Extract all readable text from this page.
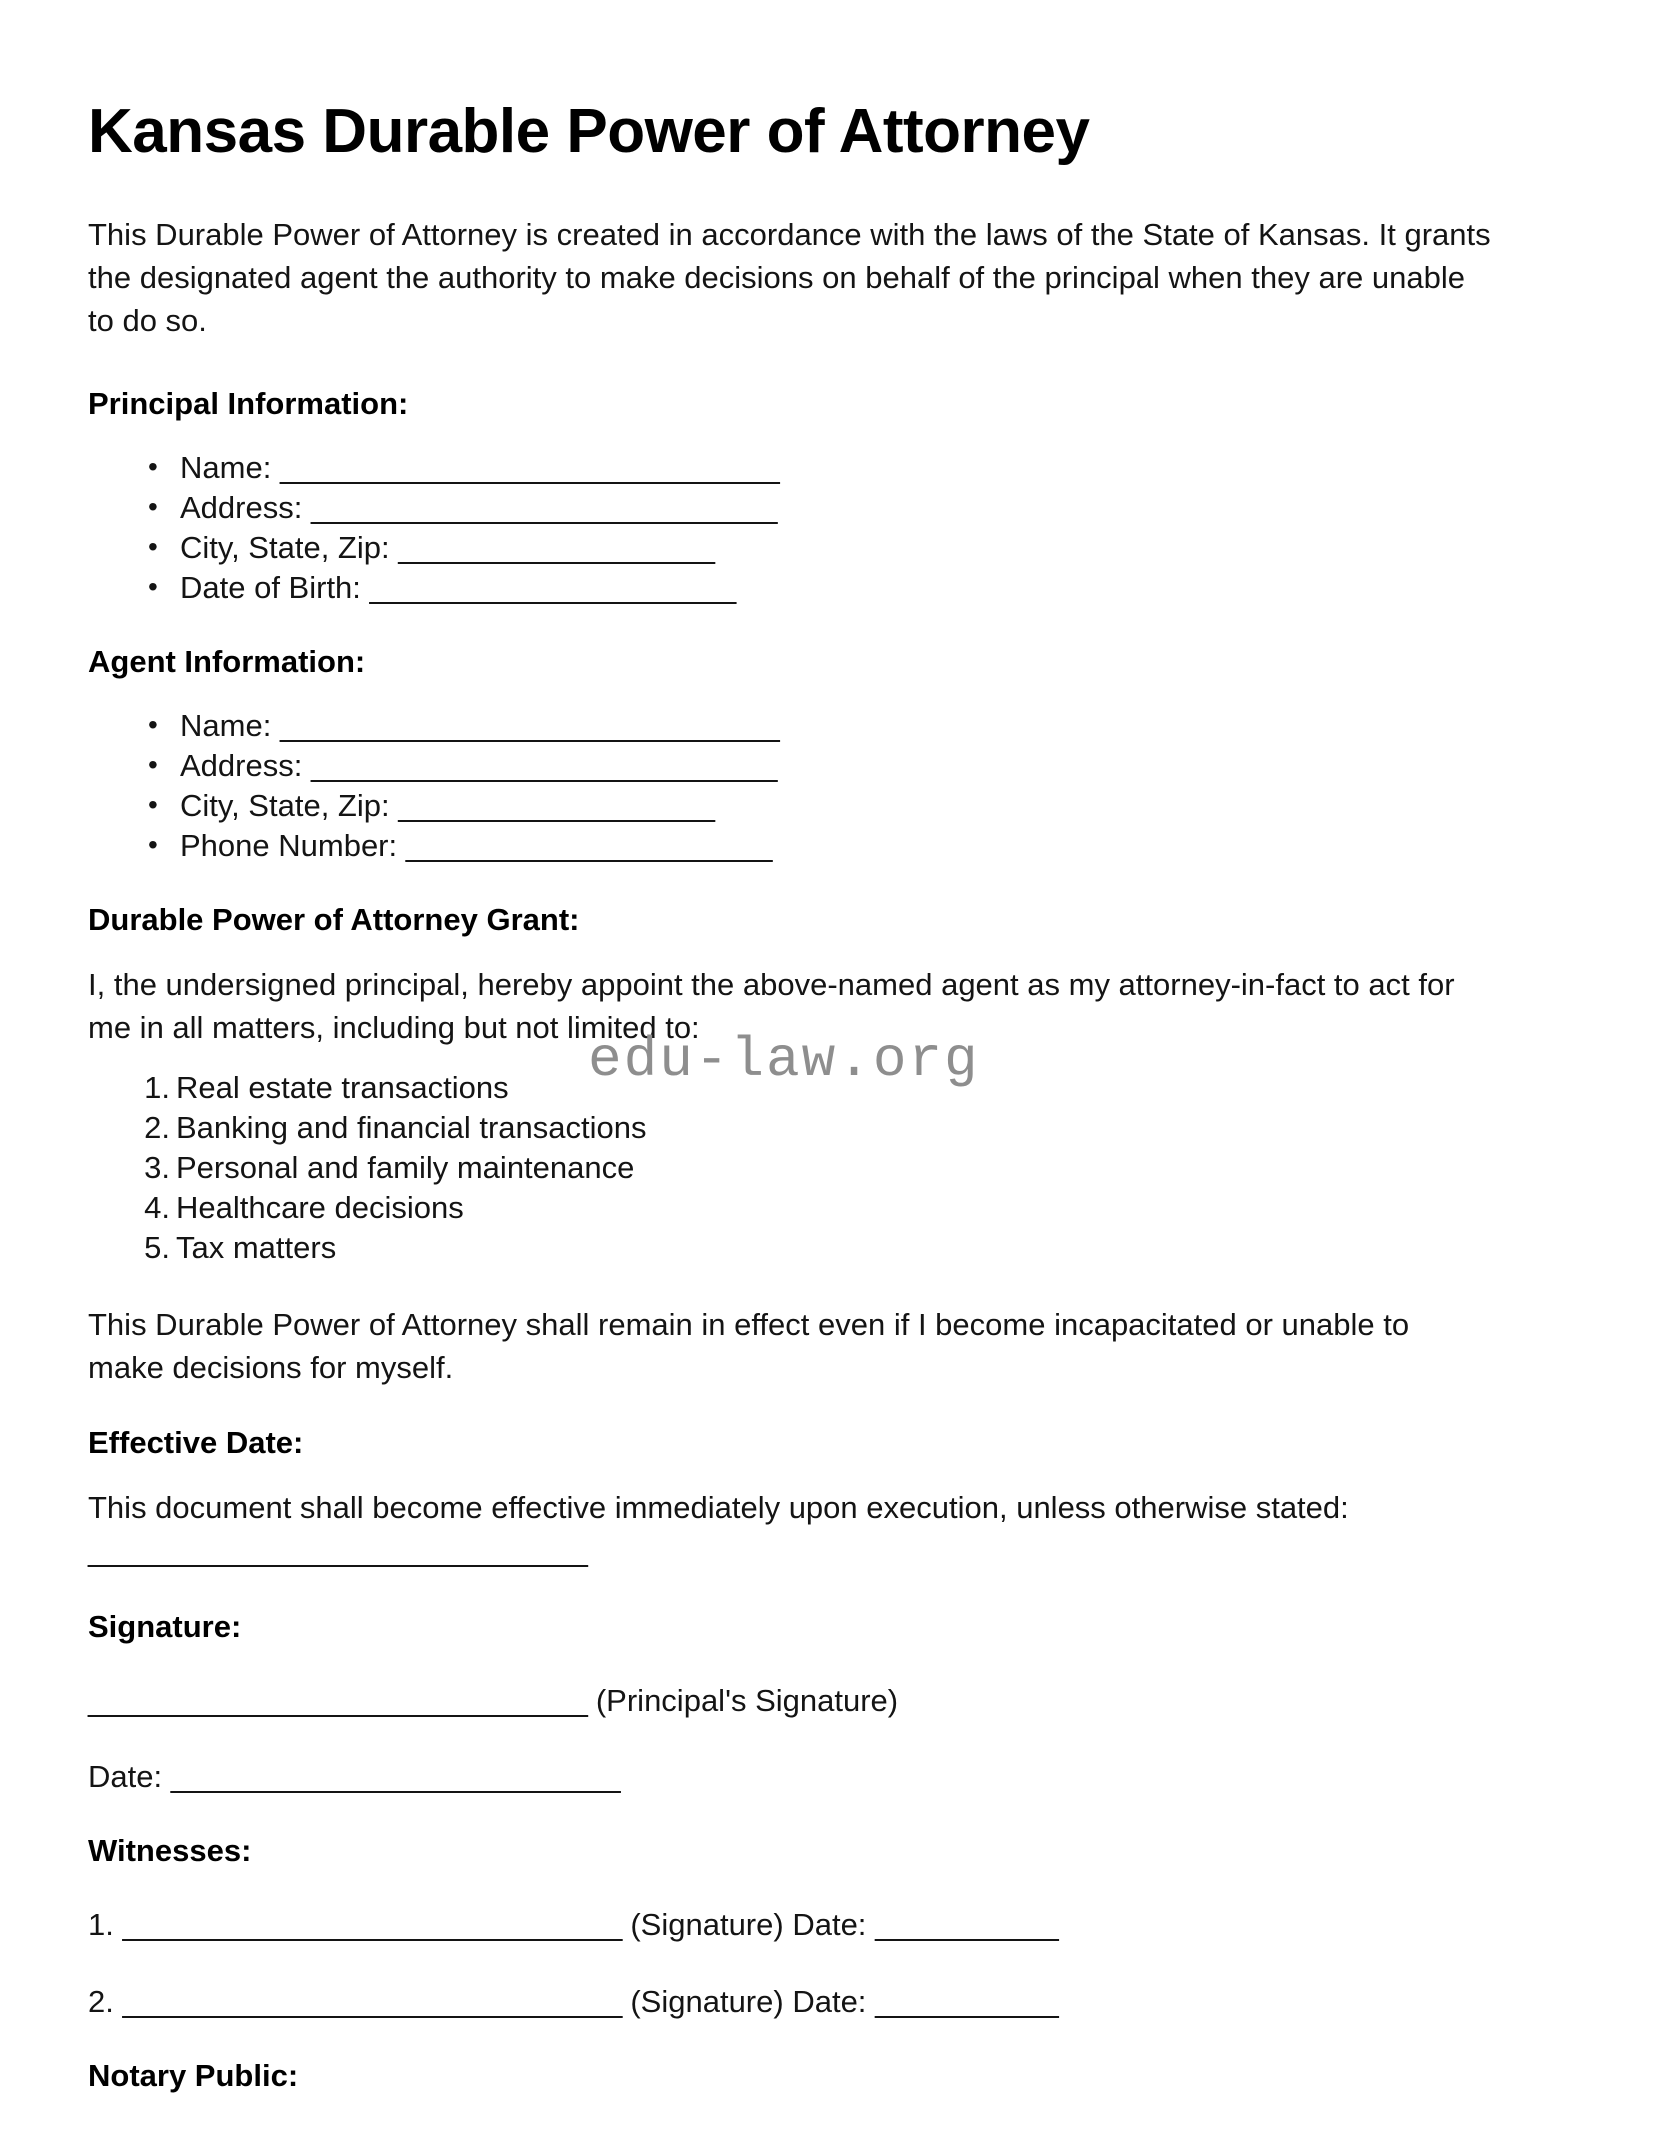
Kansas Durable Power of Attorney

This Durable Power of Attorney is created in accordance with the laws of the State of Kansas. It grants the designated agent the authority to make decisions on behalf of the principal when they are unable to do so.

Principal Information:
• Name: ______________________________
• Address: ____________________________
• City, State, Zip: ___________________
• Date of Birth: ______________________
Agent Information:
• Name: ______________________________
• Address: ____________________________
• City, State, Zip: ___________________
• Phone Number: ______________________
Durable Power of Attorney Grant:

I, the undersigned principal, hereby appoint the above-named agent as my attorney-in-fact to act for me in all matters, including but not limited to:

Real estate transactions
Banking and financial transactions
Personal and family maintenance
Healthcare decisions
Tax matters

This Durable Power of Attorney shall remain in effect even if I become incapacitated or unable to make decisions for myself.

Effective Date:

This document shall become effective immediately upon execution, unless otherwise stated: ______________________________

Signature:
______________________________ (Principal's Signature)
Date: ___________________________
Witnesses:
1. ______________________________ (Signature) Date: ___________
2. ______________________________ (Signature) Date: ___________
Notary Public:
edu-law.org
